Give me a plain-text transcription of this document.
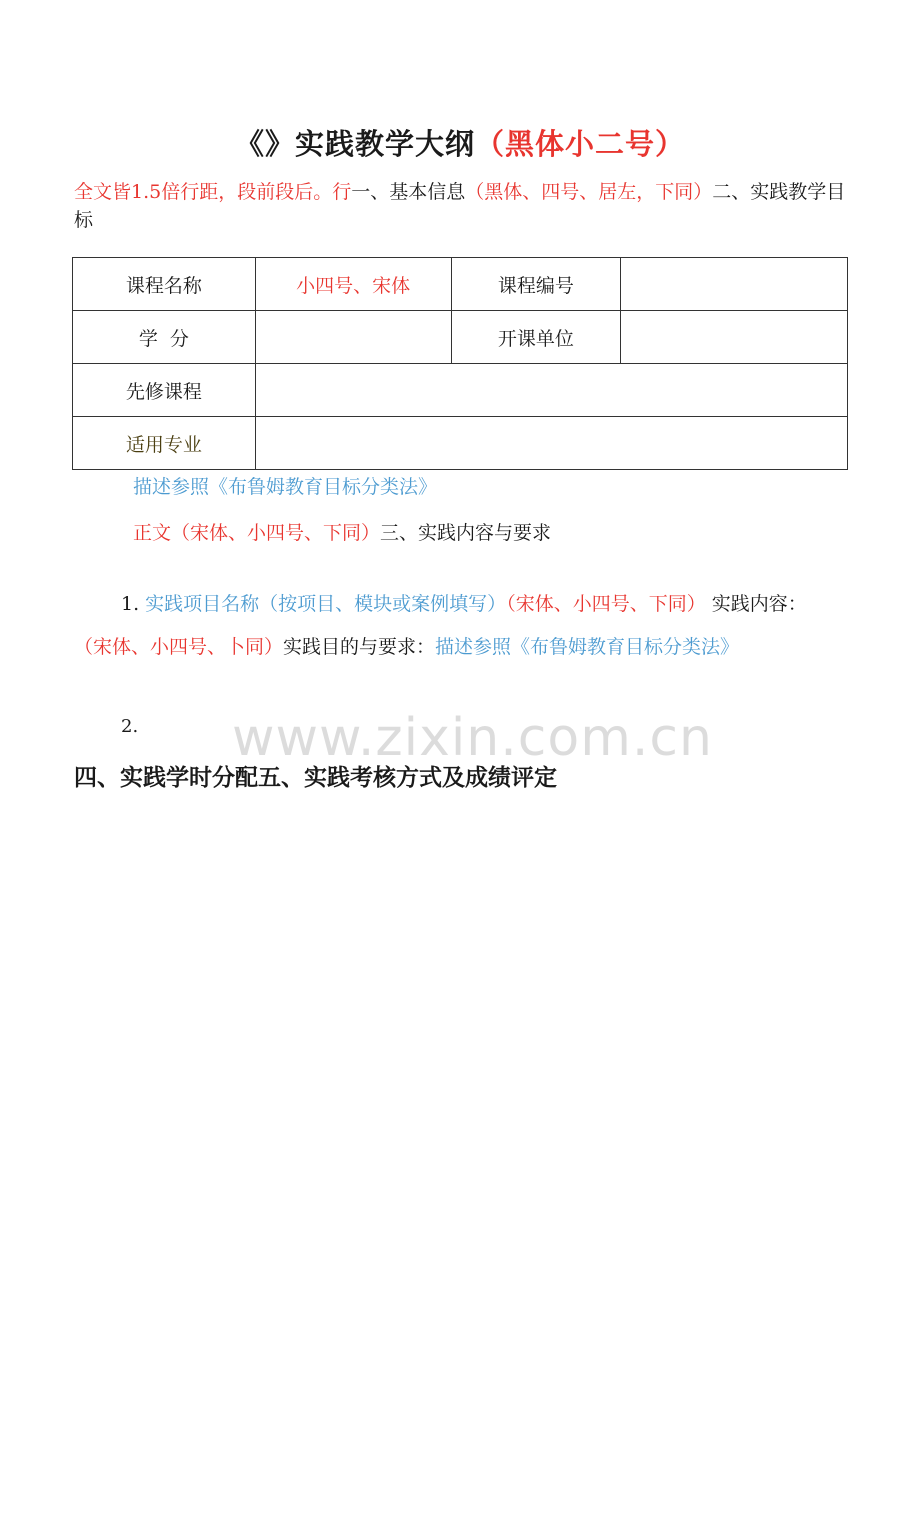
《》实践教学大纲（黑体小二号）
全文皆1.5倍行距，段前段后。行一、基本信息（黑体、四号、居左，下同）二、实践教学目标
课程名称	小四号、宋体	课程编号	
学  分		开课单位	
先修课程			
适用专业			
描述参照《布鲁姆教育目标分类法》
正文（宋体、小四号、下同）三、实践内容与要求
1. 实践项目名称（按项目、模块或案例填写）（宋体、小四号、下同） 实践内容：（宋体、小四号、卜同）实践目的与要求：描述参照《布鲁姆教育目标分类法》
2. www.zixin.com.cn
四、实践学时分配五、实践考核方式及成绩评定
